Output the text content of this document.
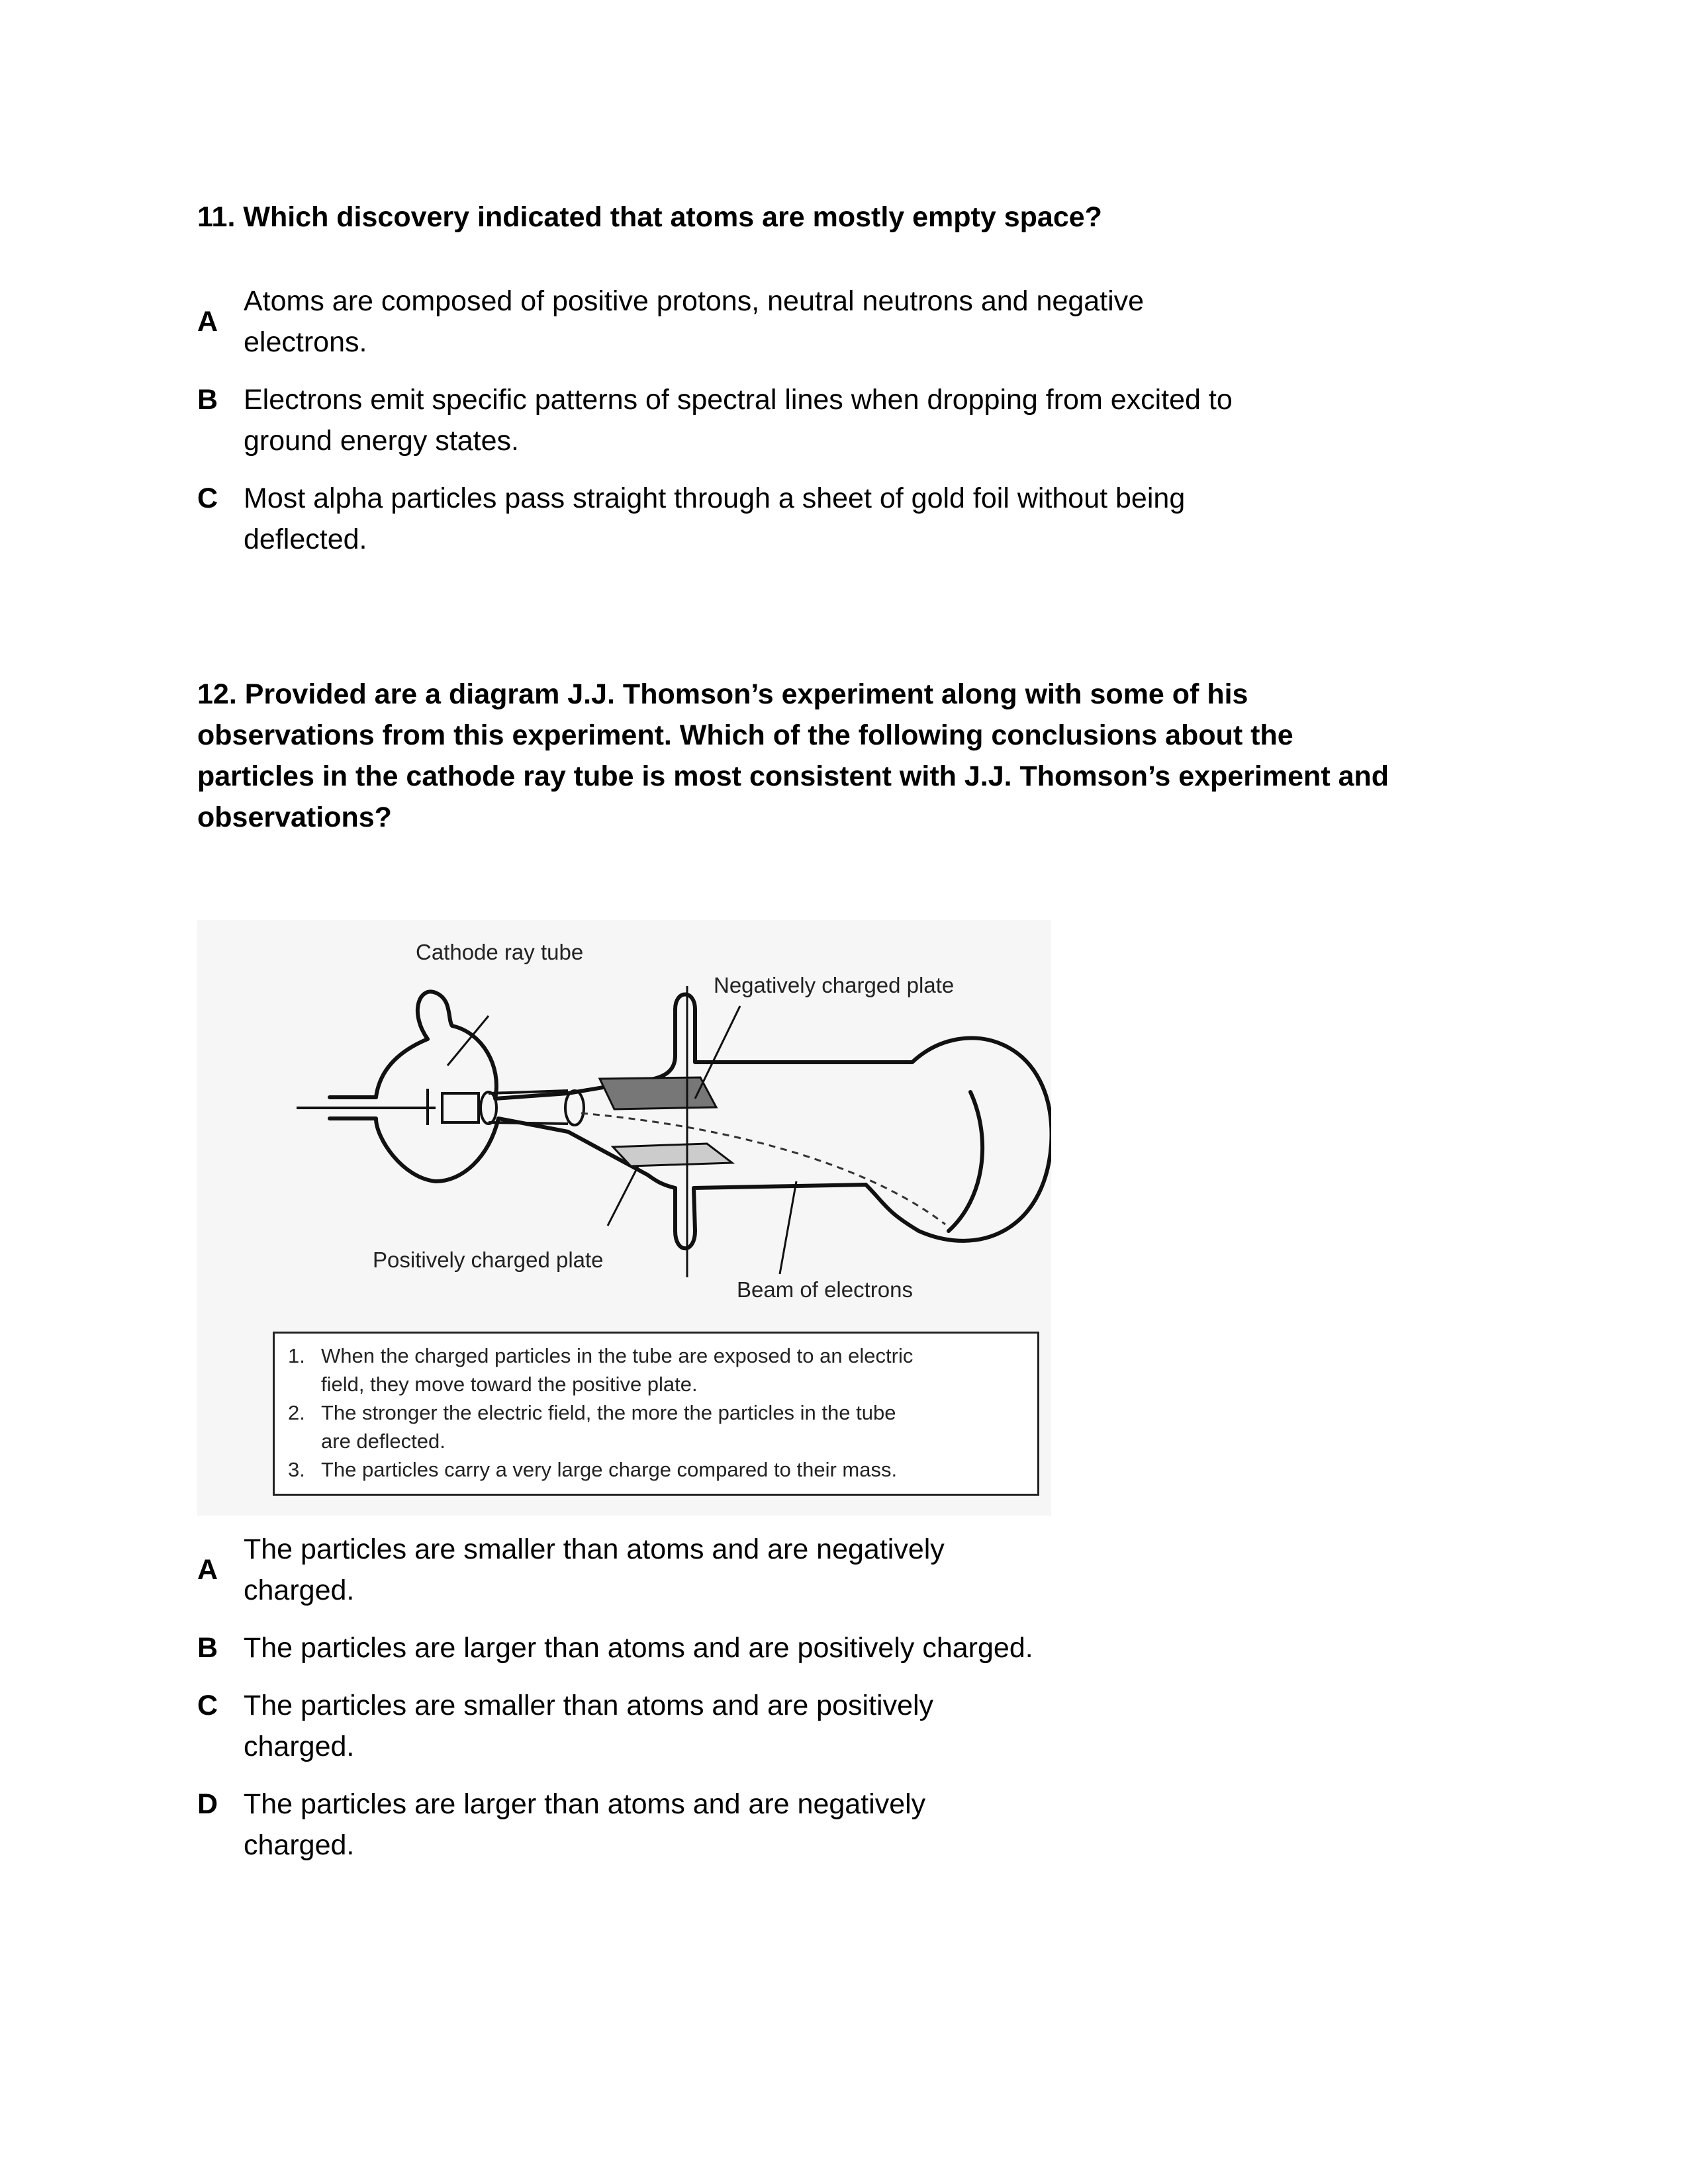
11. Which discovery indicated that atoms are mostly empty space?
A
Atoms are composed of positive protons, neutral neutrons and negative
electrons.
B Electrons emit specific patterns of spectral lines when dropping from excited to
ground energy states.
C Most alpha particles pass straight through a sheet of gold foil without being
deflected.
12. Provided are a diagram J.J. Thomson’s experiment along with some of his
observations from this experiment. Which of the following conclusions about the
particles in the cathode ray tube is most consistent with J.J. Thomson’s experiment and
observations?
Cathode ray tube
Negatively charged plate
Positively charged plate
Beam of electrons
1. When the charged particles in the tube are exposed to an electric
field, they move toward the positive plate.
2. The stronger the electric field, the more the particles in the tube
are deflected.
3. The particles carry a very large charge compared to their mass.
A
The particles are smaller than atoms and are negatively
charged.
B The particles are larger than atoms and are positively charged.
C The particles are smaller than atoms and are positively
charged.
D The particles are larger than atoms and are negatively
charged.
